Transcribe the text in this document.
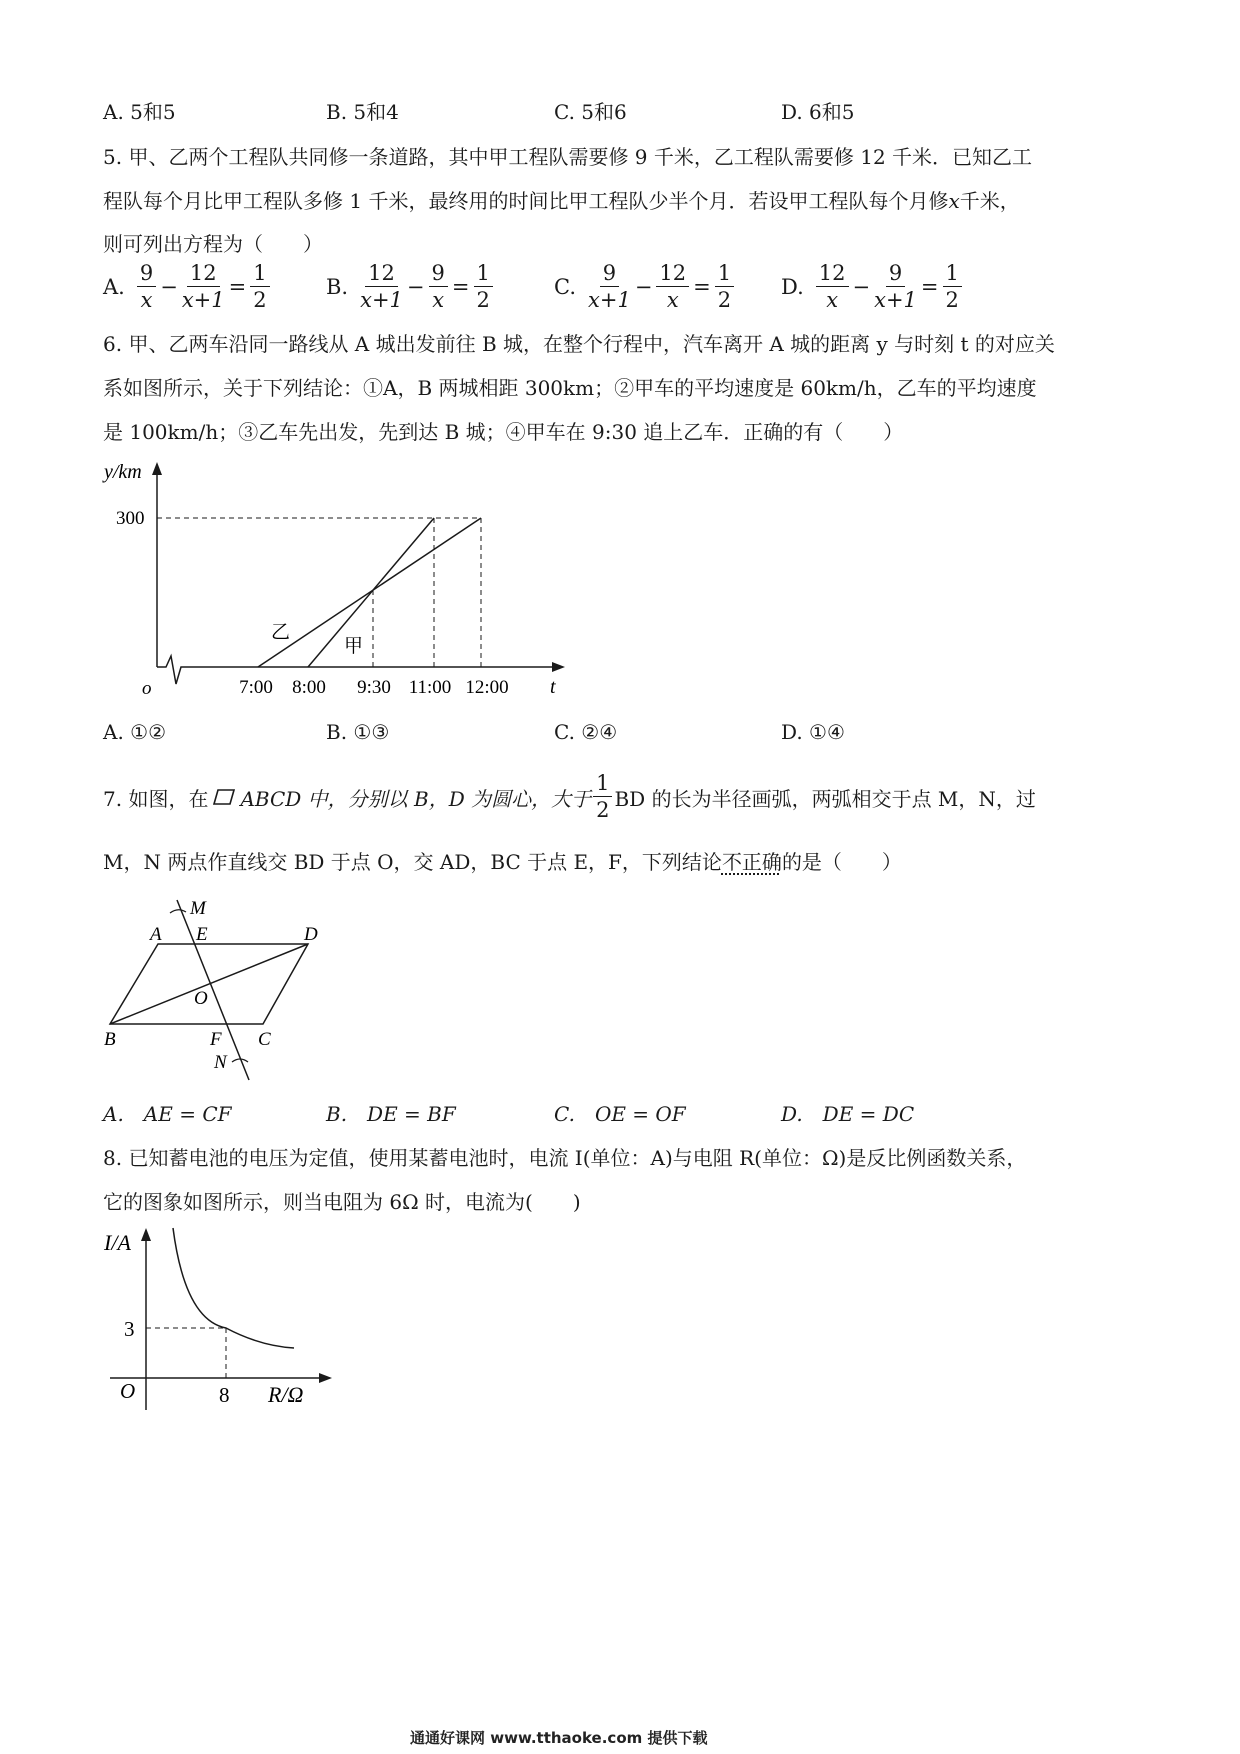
A. 5和5	B. 5和4	C. 5和6	D. 6和5
5. 甲、乙两个工程队共同修一条道路，其中甲工程队需要修 9 千米，乙工程队需要修 12 千米．已知乙工
程队每个月比甲工程队多修 1 千米，最终用的时间比甲工程队少半个月．若设甲工程队每个月修x千米，
则可列出方程为（　　）
A. $\frac{9}{x} - \frac{12}{x+1} = \frac{1}{2}$	B. $\frac{12}{x+1} - \frac{9}{x} = \frac{1}{2}$	C. $\frac{9}{x+1} - \frac{12}{x} = \frac{1}{2} D$. $\frac{12}{x} - \frac{9}{x+1} = \frac{1}{2}$
6. 甲、乙两车沿同一路线从 A 城出发前往 B 城，在整个行程中，汽车离开 A 城的距离 y 与时刻 t 的对应关
系如图所示，关于下列结论：①A，B 两城相距 300km；②甲车的平均速度是 60km/h，乙车的平均速度
是 100km/h；③乙车先出发，先到达 B 城；④甲车在 9:30 追上乙车．正确的有（　　）
y/km
300
o	7:00 8:00 9:30 11:00 12:00 t
乙
甲
A. ①②	B. ①③	C. ②④	D. ①④
7. 如图，在 ABCD 中，分别以 B，D 为圆心，大于 $\frac{1}{2}$ BD 的长为半径画弧，两弧相交于点 M，N，过
M，N 两点作直线交 BD 于点 O，交 AD，BC 于点 E，F，下列结论不正确的是（　　）
M
A E	D
O
B	F C
N
A.　AE = CF	B.　DE = BF	C.　OE = OF	D.　DE = DC
8. 已知蓄电池的电压为定值，使用某蓄电池时，电流 I(单位：A)与电阻 R(单位：Ω)是反比例函数关系，
它的图象如图所示，则当电阻为 6Ω 时，电流为(　　)
I/A
3
O	8 R/Ω
通通好课网 www.tthaoke.com 提供下载
